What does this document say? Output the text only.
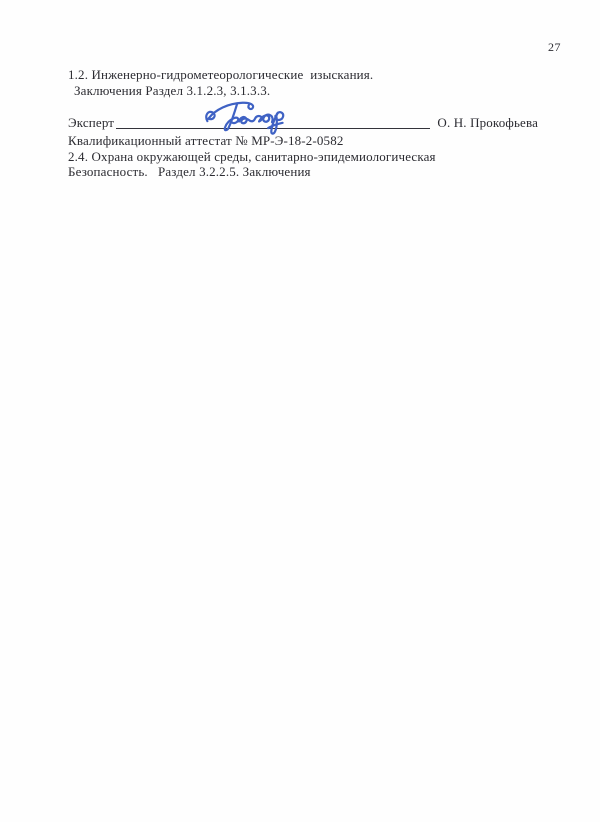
27
1.2. Инженерно-гидрометеорологические  изыскания.
Заключения Раздел 3.1.2.3, 3.1.3.3.
Эксперт	О. Н. Прокофьева
Квалификационный аттестат № МР-Э-18-2-0582
2.4. Охрана окружающей среды, санитарно-эпидемиологическая
Безопасность.   Раздел 3.2.2.5. Заключения
